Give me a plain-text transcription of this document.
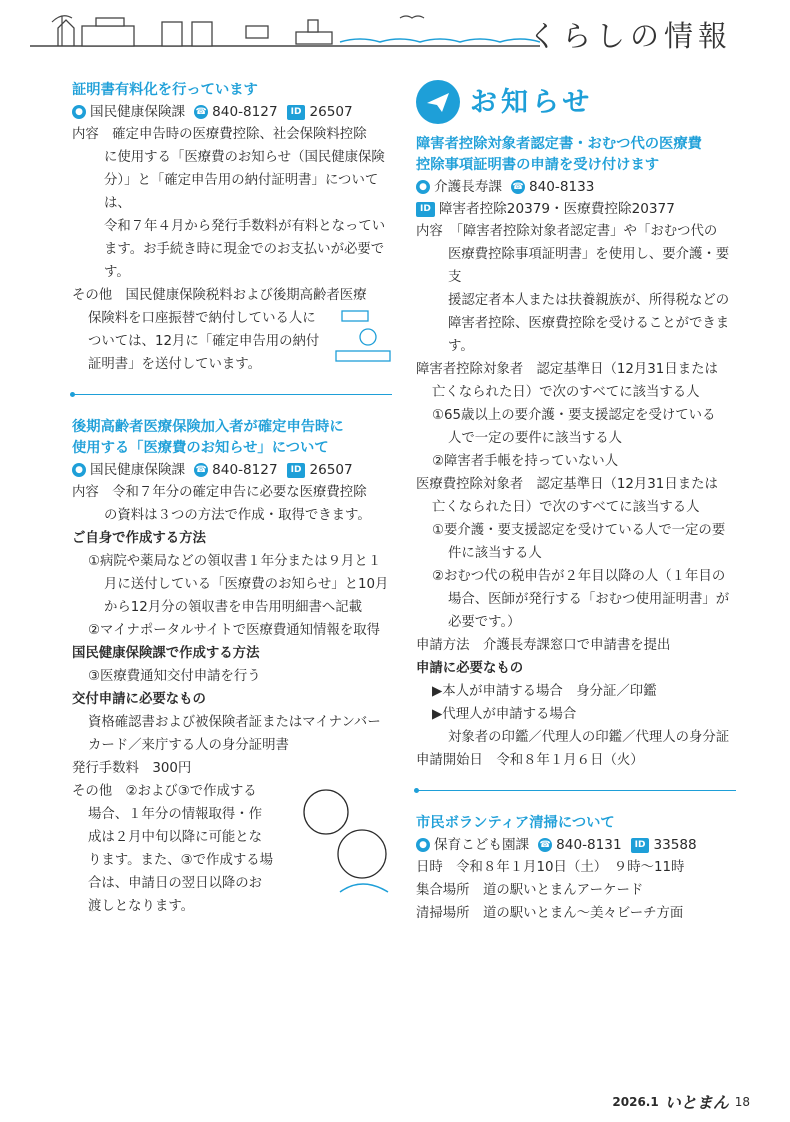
くらしの情報
証明書有料化を行っています
● 国民健康保険課 ☎ 840-8127	ID 26507
内容　確定申告時の医療費控除、社会保険料控除
に使用する「医療費のお知らせ（国民健康保険
分）」と「確定申告用の納付証明書」については、
令和７年４月から発行手数料が有料となってい
ます。お手続き時に現金でのお支払いが必要です。
その他　国民健康保険税料および後期高齢者医療
保険料を口座振替で納付している人に
ついては、12月に「確定申告用の納付
証明書」を送付しています。
後期高齢者医療保険加入者が確定申告時に
使用する「医療費のお知らせ」について
● 国民健康保険課 ☎ 840-8127	ID 26507
内容　令和７年分の確定申告に必要な医療費控除
の資料は３つの方法で作成・取得できます。
ご自身で作成する方法
①病院や薬局などの領収書１年分または９月と１
月に送付している「医療費のお知らせ」と10月
から12月分の領収書を申告用明細書へ記載
②マイナポータルサイトで医療費通知情報を取得
国民健康保険課で作成する方法
③医療費通知交付申請を行う
交付申請に必要なもの
資格確認書および被保険者証またはマイナンバー
カード／来庁する人の身分証明書
発行手数料　300円
その他　②および③で作成する
場合、１年分の情報取得・作
成は２月中旬以降に可能とな
ります。また、③で作成する場
合は、申請日の翌日以降のお
渡しとなります。
お知らせ
障害者控除対象者認定書・おむつ代の医療費
控除事項証明書の申請を受け付けます
● 介護長寿課 ☎ 840-8133
ID 障害者控除20379・医療費控除20377
内容　「障害者控除対象者認定書」や「おむつ代の
医療費控除事項証明書」を使用し、要介護・要支
援認定者本人または扶養親族が、所得税などの
障害者控除、医療費控除を受けることができます。
障害者控除対象者　認定基準日（12月31日または
亡くなられた日）で次のすべてに該当する人
①65歳以上の要介護・要支援認定を受けている
人で一定の要件に該当する人
②障害者手帳を持っていない人
医療費控除対象者　認定基準日（12月31日または
亡くなられた日）で次のすべてに該当する人
①要介護・要支援認定を受けている人で一定の要
件に該当する人
②おむつ代の税申告が２年目以降の人（１年目の
場合、医師が発行する「おむつ使用証明書」が
必要です。）
申請方法　介護長寿課窓口で申請書を提出
申請に必要なもの
▶本人が申請する場合　身分証／印鑑
▶代理人が申請する場合
対象者の印鑑／代理人の印鑑／代理人の身分証
申請開始日　令和８年１月６日（火）
市民ボランティア清掃について
● 保育こども園課 ☎ 840-8131	ID 33588
日時　令和８年１月10日（土）　９時～11時
集合場所　道の駅いとまんアーケード
清掃場所　道の駅いとまん～美々ビーチ方面
2026.1 いとまん 18
